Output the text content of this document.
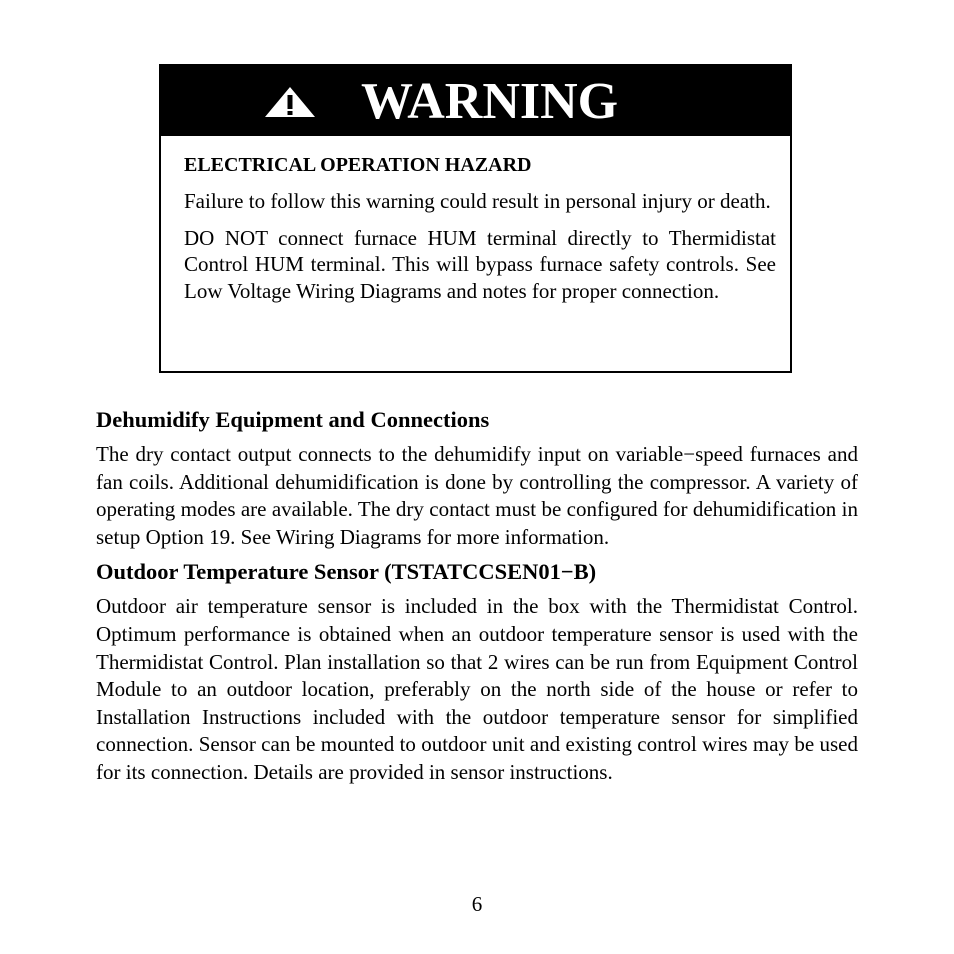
WARNING
ELECTRICAL OPERATION HAZARD

Failure to follow this warning could result in personal injury or death.

DO NOT connect furnace HUM terminal directly to Thermidistat Control HUM terminal. This will bypass furnace safety controls. See Low Voltage Wiring Diagrams and notes for proper connection.

Dehumidify Equipment and Connections

The dry contact output connects to the dehumidify input on variable−speed furnaces and fan coils. Additional dehumidification is done by controlling the compressor. A variety of operating modes are available. The dry contact must be configured for dehumidification in setup Option 19. See Wiring Diagrams for more information.

Outdoor Temperature Sensor (TSTATCCSEN01−B)

Outdoor air temperature sensor is included in the box with the Thermidistat Control. Optimum performance is obtained when an outdoor temperature sensor is used with the Thermidistat Control. Plan installation so that 2 wires can be run from Equipment Control Module to an outdoor location, preferably on the north side of the house or refer to Installation Instructions included with the outdoor temperature sensor for simplified connection. Sensor can be mounted to outdoor unit and existing control wires may be used for its connection. Details are provided in sensor instructions.

6
